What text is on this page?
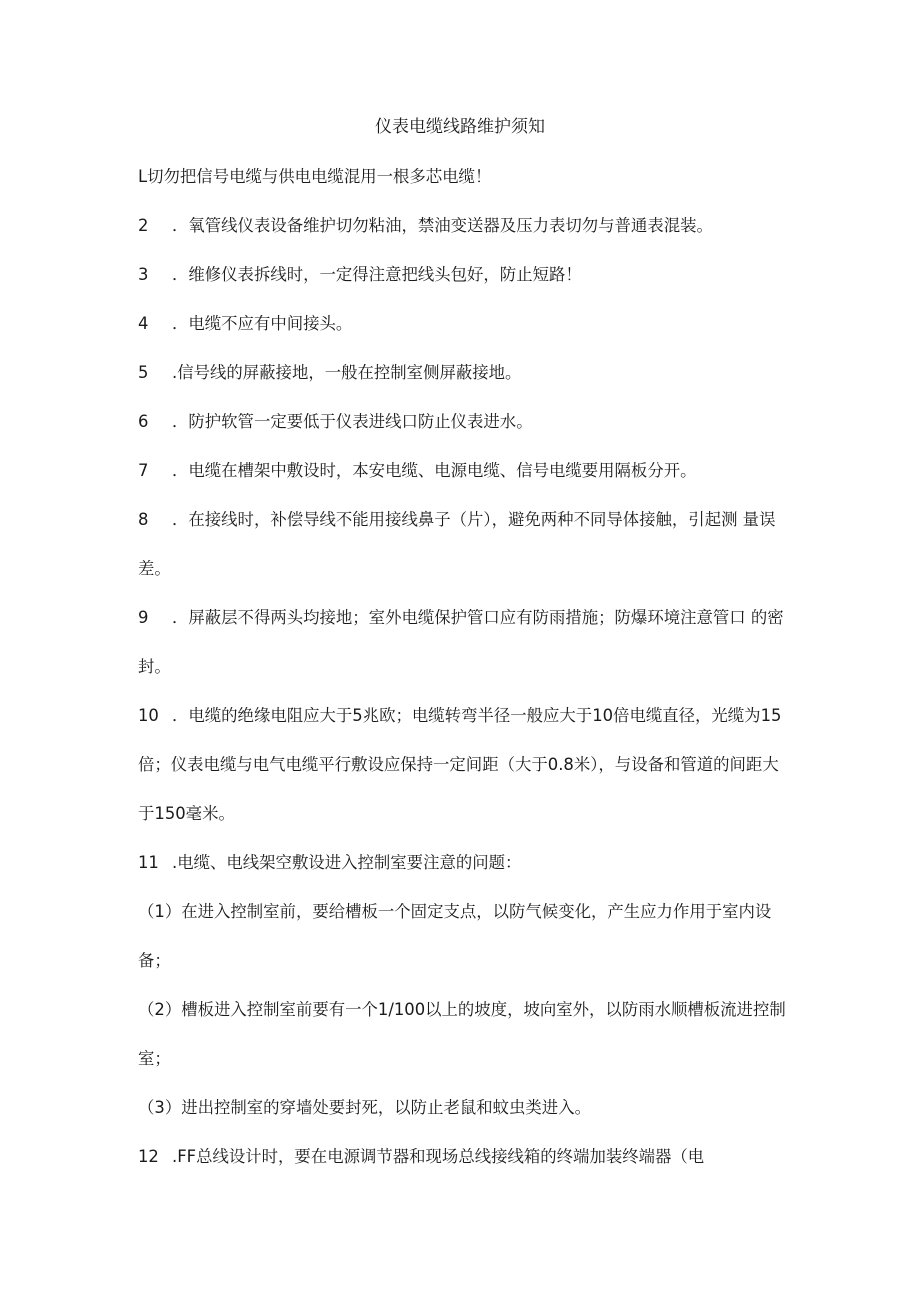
仪表电缆线路维护须知

L切勿把信号电缆与供电电缆混用一根多芯电缆！

2 ．氧管线仪表设备维护切勿粘油，禁油变送器及压力表切勿与普通表混装。

3 ．维修仪表拆线时，一定得注意把线头包好，防止短路！

4 ．电缆不应有中间接头。

5 .信号线的屏蔽接地，一般在控制室侧屏蔽接地。

6 ．防护软管一定要低于仪表进线口防止仪表进水。

7 ．电缆在槽架中敷设时，本安电缆、电源电缆、信号电缆要用隔板分开。

8 ．在接线时，补偿导线不能用接线鼻子（片），避免两种不同导体接触，引起测 量误差。

9 ．屏蔽层不得两头均接地；室外电缆保护管口应有防雨措施；防爆环境注意管口 的密封。

10 ．电缆的绝缘电阻应大于5兆欧；电缆转弯半径一般应大于10倍电缆直径，光缆为15倍；仪表电缆与电气电缆平行敷设应保持一定间距（大于0.8米），与设备和管道的间距大于150毫米。

11 .电缆、电线架空敷设进入控制室要注意的问题：

（1）在进入控制室前，要给槽板一个固定支点，以防气候变化，产生应力作用于室内设备；

（2）槽板进入控制室前要有一个1/100以上的坡度，坡向室外，以防雨水顺槽板流进控制室；

（3）进出控制室的穿墙处要封死，以防止老鼠和蚊虫类进入。

12 .FF总线设计时，要在电源调节器和现场总线接线箱的终端加装终端器（电
